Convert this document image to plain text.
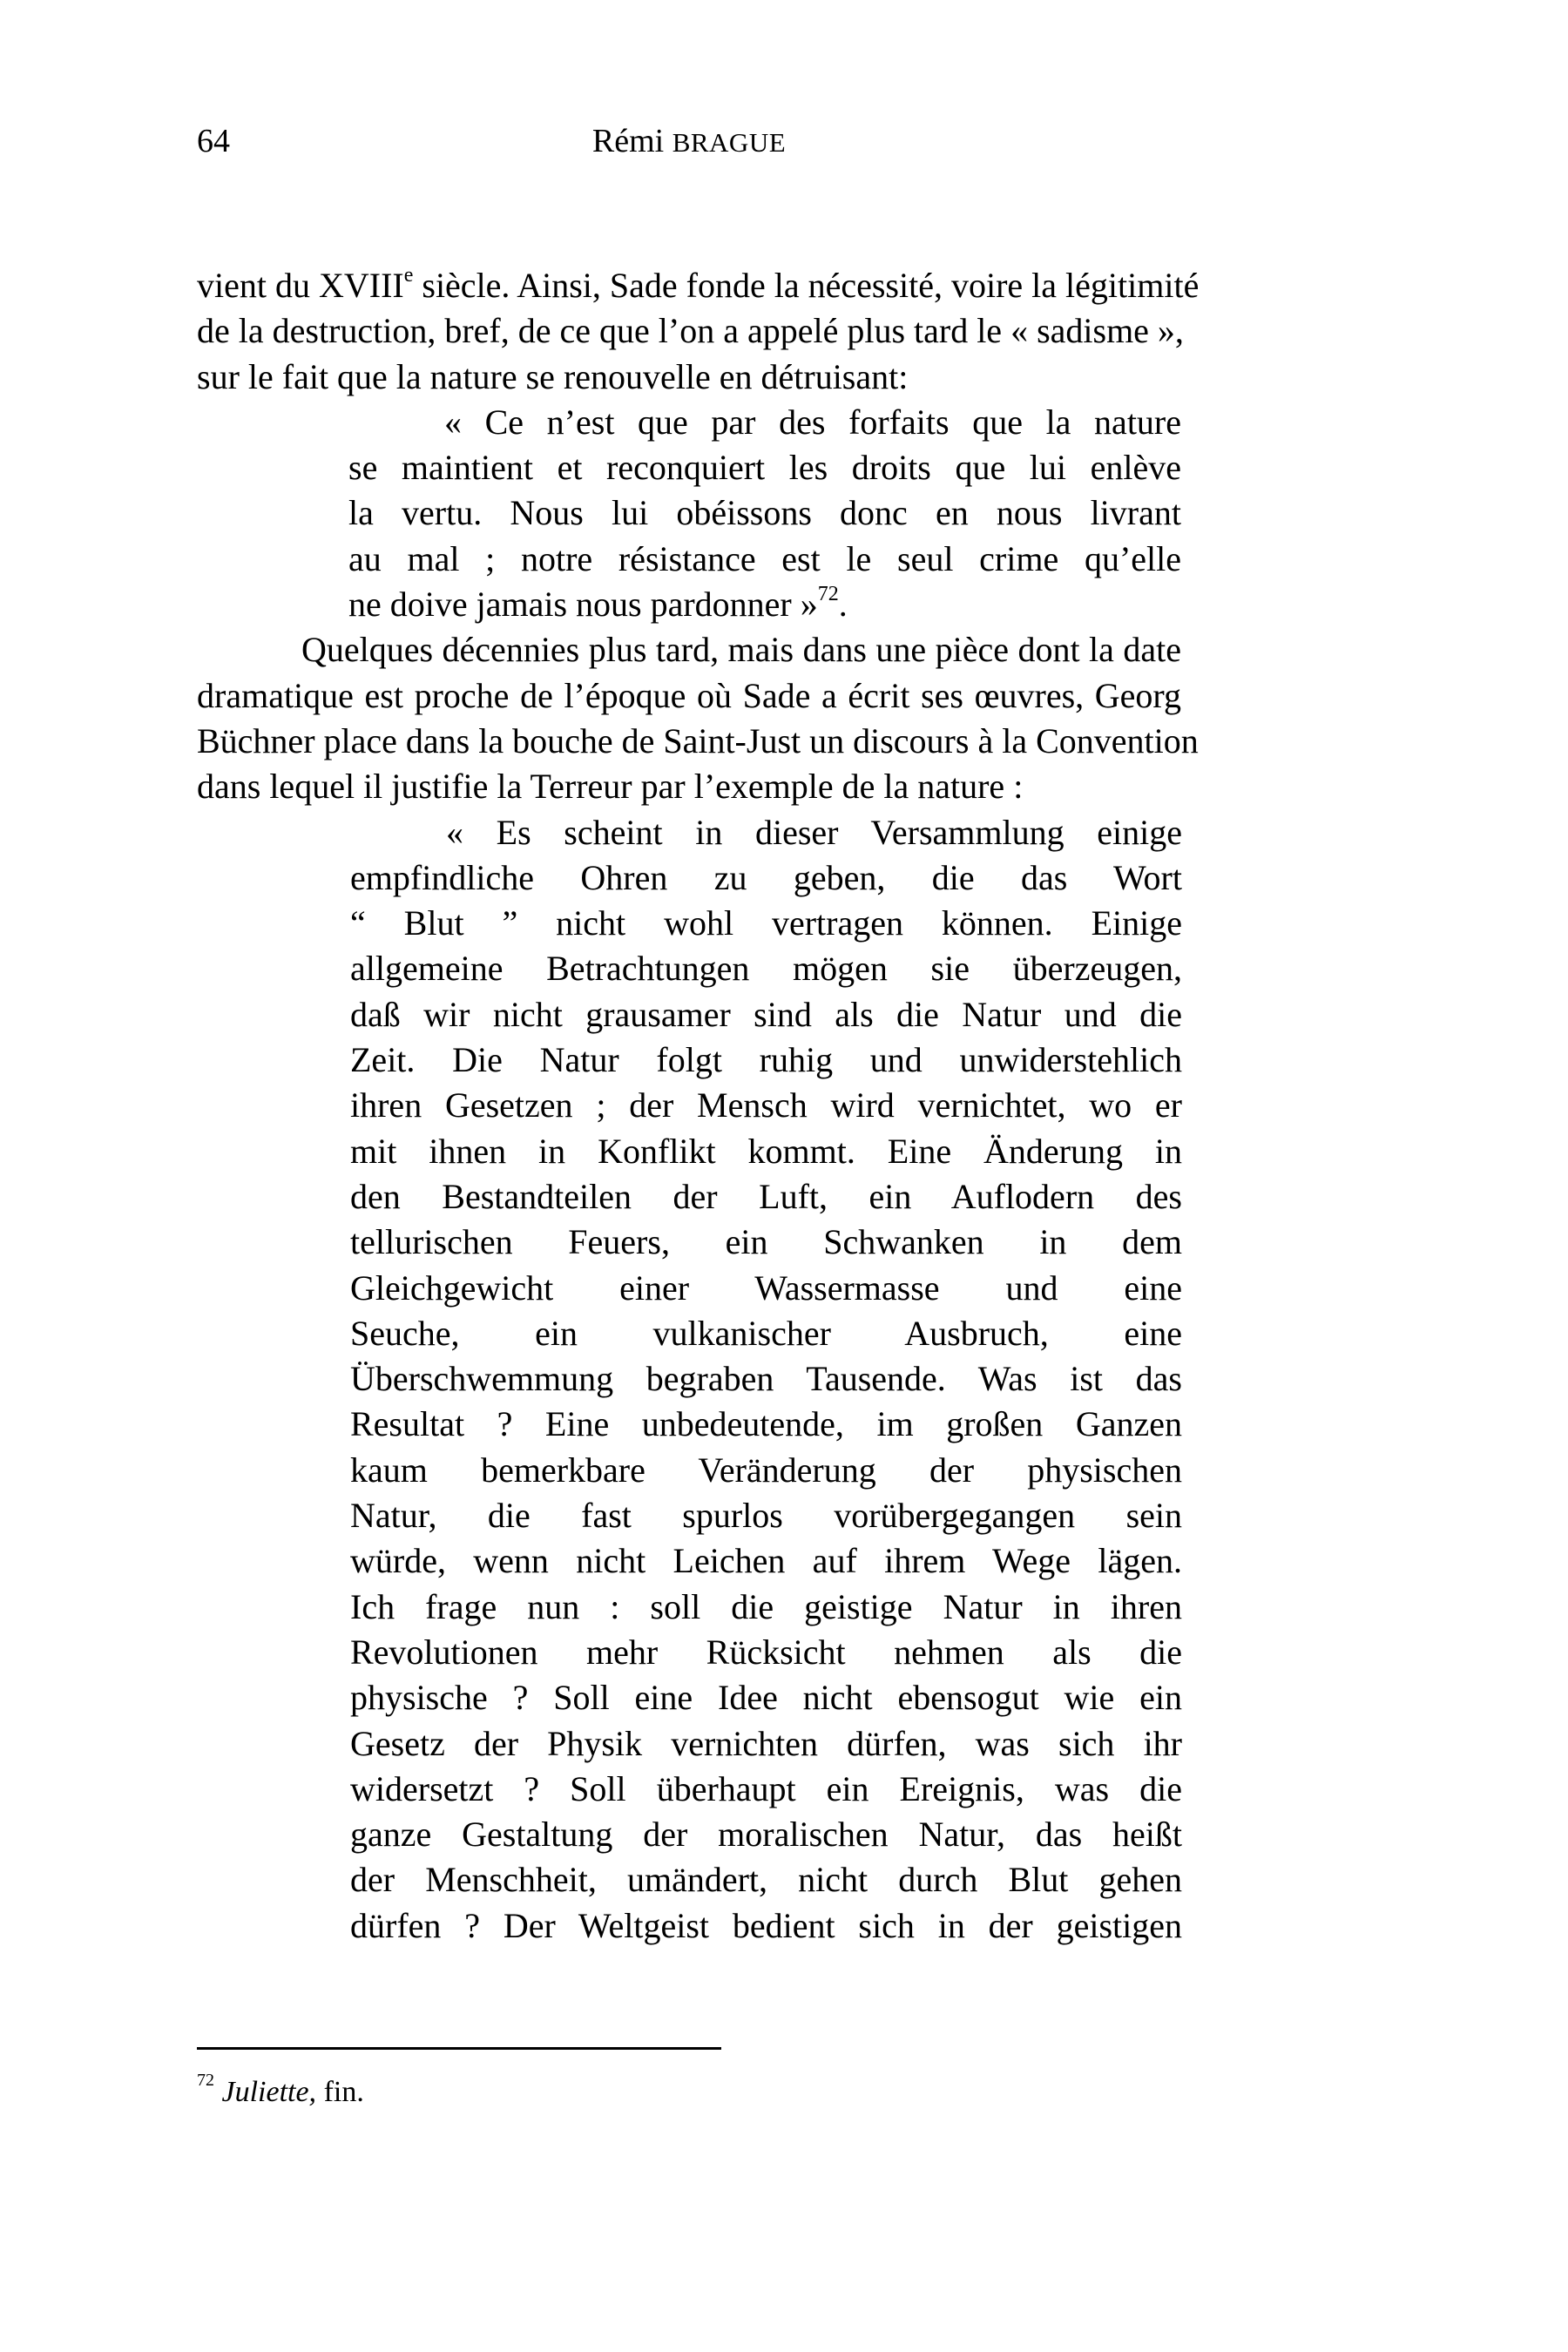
64	Rémi BRAGUE
vient du XVIIIe siècle. Ainsi, Sade fonde la nécessité, voire la légitimité
de la destruction, bref, de ce que l’on a appelé plus tard le « sadisme »,
sur le fait que la nature se renouvelle en détruisant:
« Ce n’est que par des forfaits que la nature
se maintient et reconquiert les droits que lui enlève
la vertu. Nous lui obéissons donc en nous livrant
au mal ; notre résistance est le seul crime qu’elle
ne doive jamais nous pardonner »$^{72}$.
Quelques décennies plus tard, mais dans une pièce dont la date
dramatique est proche de l’époque où Sade a écrit ses œuvres, Georg
Büchner place dans la bouche de Saint-Just un discours à la Convention
dans lequel il justifie la Terreur par l’exemple de la nature :
« Es scheint in dieser Versammlung einige
empfindliche Ohren zu geben, die das Wort
“ Blut ” nicht wohl vertragen können. Einige
allgemeine Betrachtungen mögen sie überzeugen,
daß wir nicht grausamer sind als die Natur und die
Zeit. Die Natur folgt ruhig und unwiderstehlich
ihren Gesetzen ; der Mensch wird vernichtet, wo er
mit ihnen in Konflikt kommt. Eine Änderung in
den Bestandteilen der Luft, ein Auflodern des
tellurischen Feuers, ein Schwanken in dem
Gleichgewicht einer Wassermasse und eine
Seuche, ein vulkanischer Ausbruch, eine
Überschwemmung begraben Tausende. Was ist das
Resultat ? Eine unbedeutende, im großen Ganzen
kaum bemerkbare Veränderung der physischen
Natur, die fast spurlos vorübergegangen sein
würde, wenn nicht Leichen auf ihrem Wege lägen.
Ich frage nun : soll die geistige Natur in ihren
Revolutionen mehr Rücksicht nehmen als die
physische ? Soll eine Idee nicht ebensogut wie ein
Gesetz der Physik vernichten dürfen, was sich ihr
widersetzt ? Soll überhaupt ein Ereignis, was die
ganze Gestaltung der moralischen Natur, das heißt
der Menschheit, umändert, nicht durch Blut gehen
dürfen ? Der Weltgeist bedient sich in der geistigen
$^{72}$ Juliette, fin.
